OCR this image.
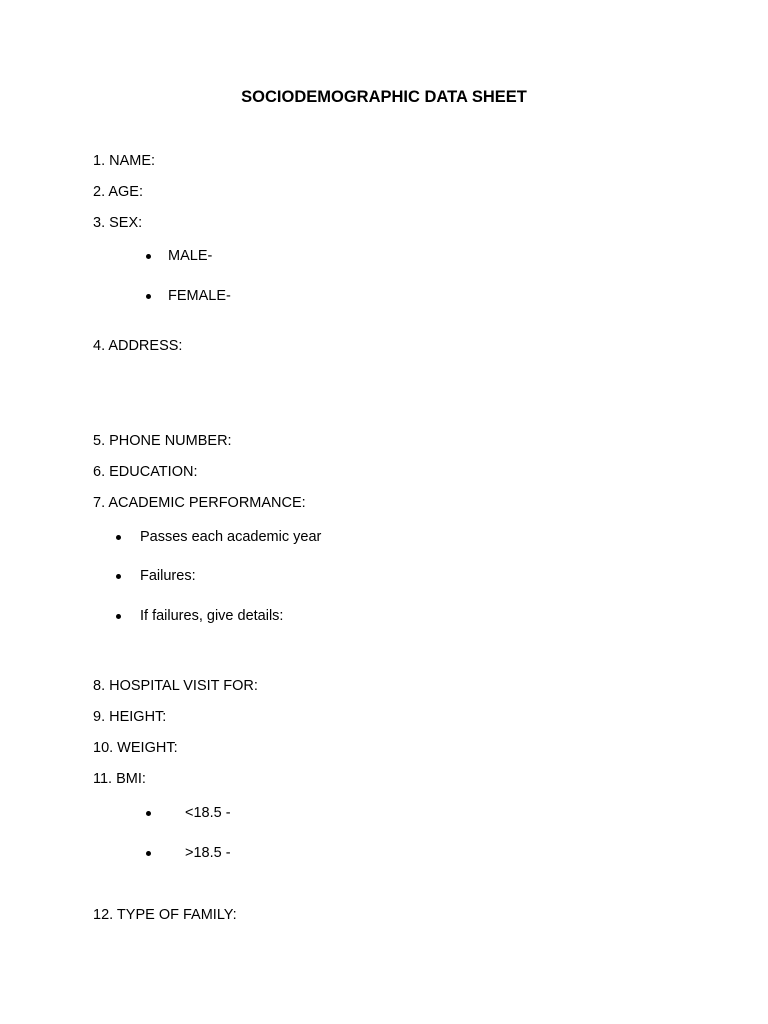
SOCIODEMOGRAPHIC DATA SHEET
1. NAME:
2. AGE:
3. SEX:
MALE-
FEMALE-
4. ADDRESS:
5. PHONE NUMBER:
6. EDUCATION:
7. ACADEMIC PERFORMANCE:
Passes each academic year
Failures:
If failures, give details:
8. HOSPITAL VISIT FOR:
9. HEIGHT:
10. WEIGHT:
11. BMI:
<18.5 -
>18.5 -
12. TYPE OF FAMILY:
